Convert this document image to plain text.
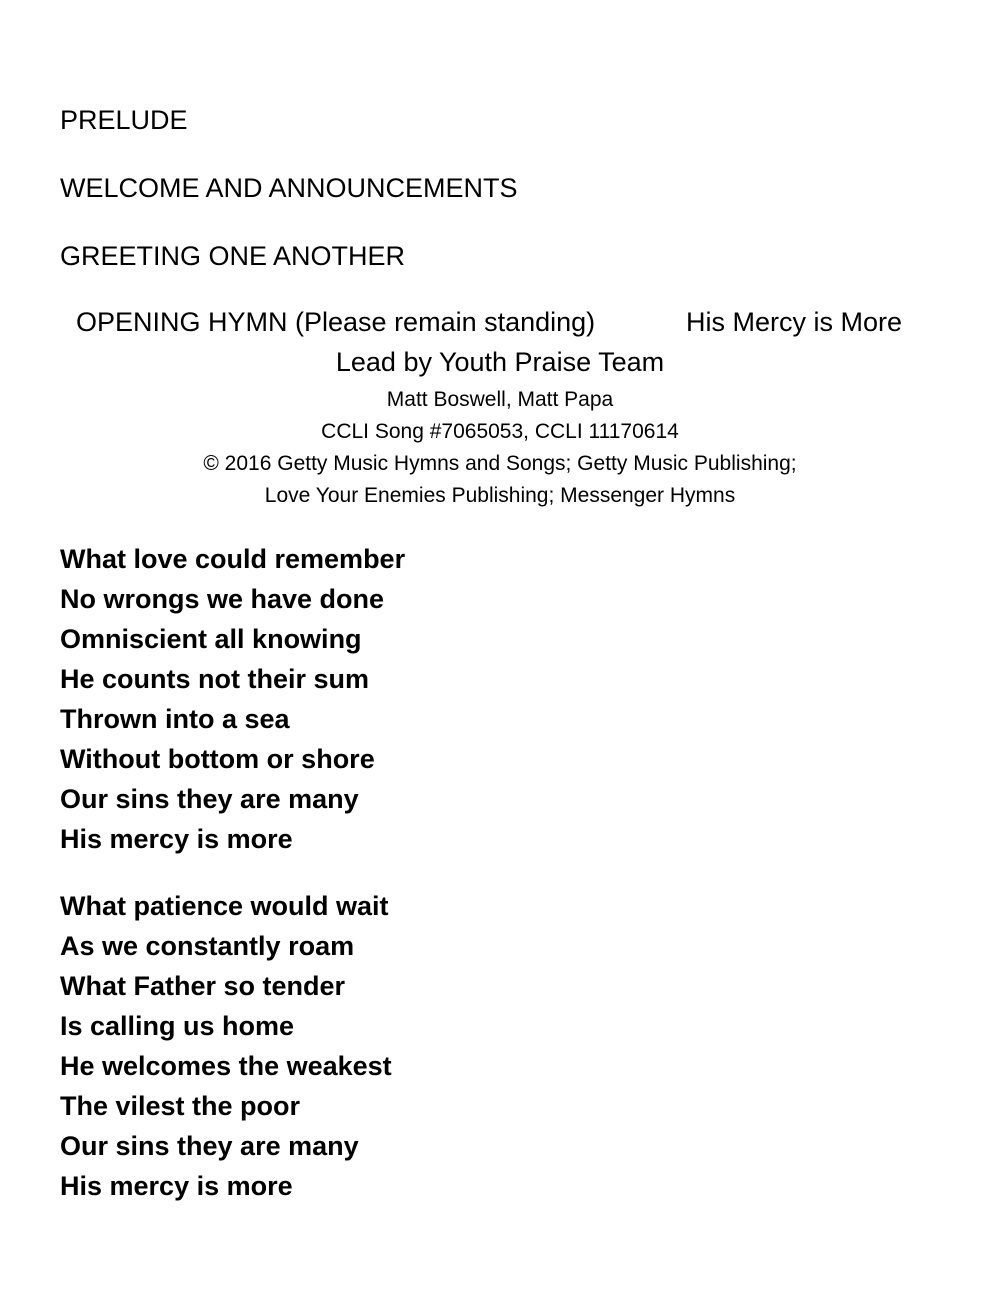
PRELUDE
WELCOME AND ANNOUNCEMENTS
GREETING ONE ANOTHER
OPENING HYMN (Please remain standing)	His Mercy is More
Lead by Youth Praise Team
Matt Boswell, Matt Papa
CCLI Song #7065053, CCLI 11170614
© 2016 Getty Music Hymns and Songs; Getty Music Publishing;
Love Your Enemies Publishing; Messenger Hymns
What love could remember
No wrongs we have done
Omniscient all knowing
He counts not their sum
Thrown into a sea
Without bottom or shore
Our sins they are many
His mercy is more
What patience would wait
As we constantly roam
What Father so tender
Is calling us home
He welcomes the weakest
The vilest the poor
Our sins they are many
His mercy is more
